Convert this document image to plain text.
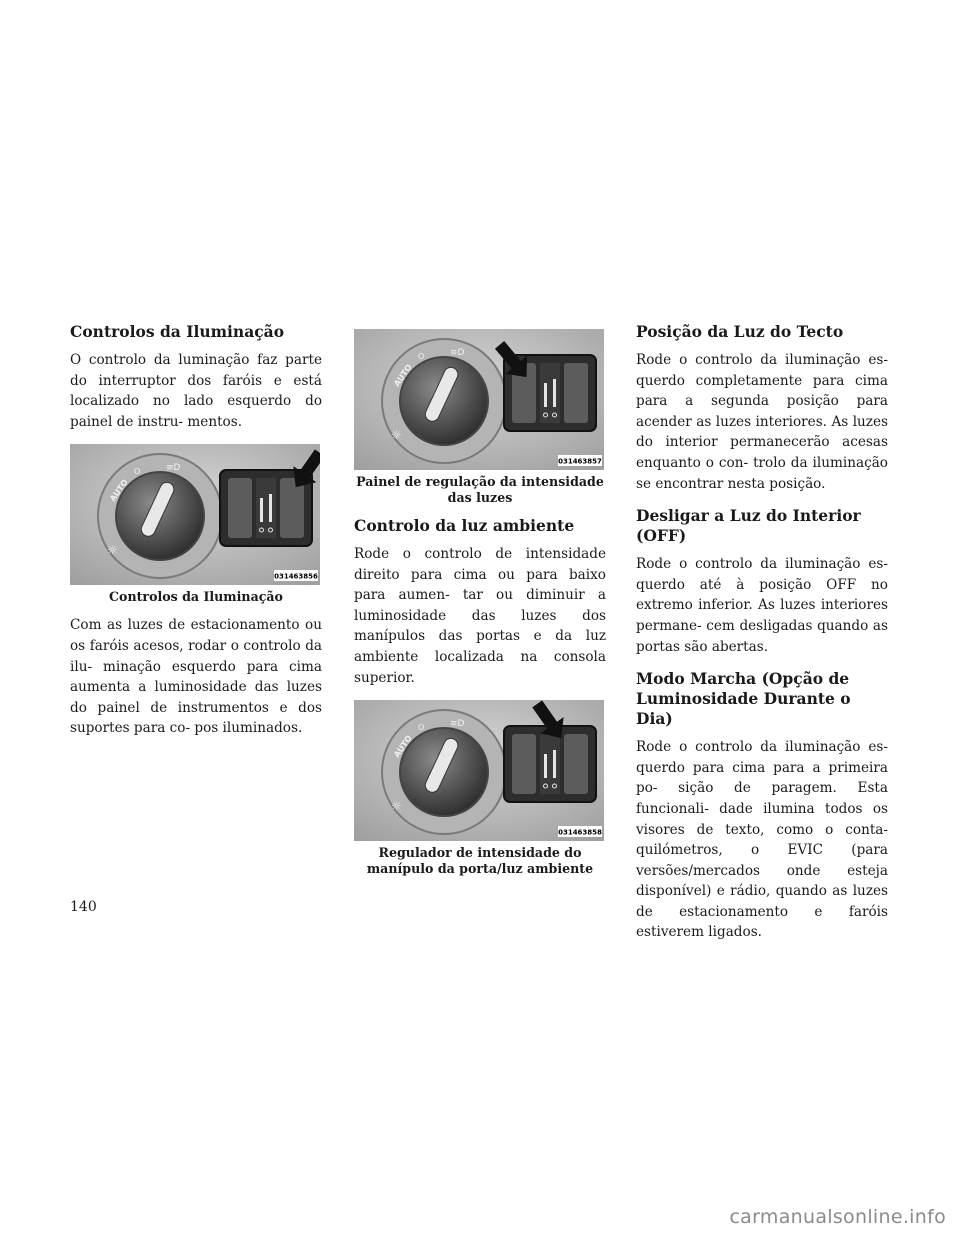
Controlos da Iluminação

O controlo da luminação faz parte do interruptor dos faróis e está localizado no lado esquerdo do painel de instru- mentos.

031463856
Controlos da Iluminação

Com as luzes de estacionamento ou os faróis acesos, rodar o controlo da ilu- minação esquerdo para cima aumenta a luminosidade das luzes do painel de instrumentos e dos suportes para co- pos iluminados.

031463857
Painel de regulação da intensidade
das luzes
Controlo da luz ambiente

Rode o controlo de intensidade direito para cima ou para baixo para aumen- tar ou diminuir a luminosidade das luzes dos manípulos das portas e da luz ambiente localizada na consola superior.

031463858
Regulador de intensidade do
manípulo da porta/luz ambiente
Posição da Luz do Tecto

Rode o controlo da iluminação es- querdo completamente para cima para a segunda posição para acender as luzes interiores. As luzes do interior permanecerão acesas enquanto o con- trolo da iluminação se encontrar nesta posição.

Desligar a Luz do Interior (OFF)

Rode o controlo da iluminação es- querdo até à posição OFF no extremo inferior. As luzes interiores permane- cem desligadas quando as portas são abertas.

Modo Marcha (Opção de
Luminosidade Durante o Dia)

Rode o controlo da iluminação es- querdo para cima para a primeira po- sição de paragem. Esta funcionali- dade ilumina todos os visores de texto, como o conta-quilómetros, o EVIC (para versões/mercados onde esteja disponível) e rádio, quando as luzes de estacionamento e faróis estiverem ligados.

140
carmanualsonline.info
